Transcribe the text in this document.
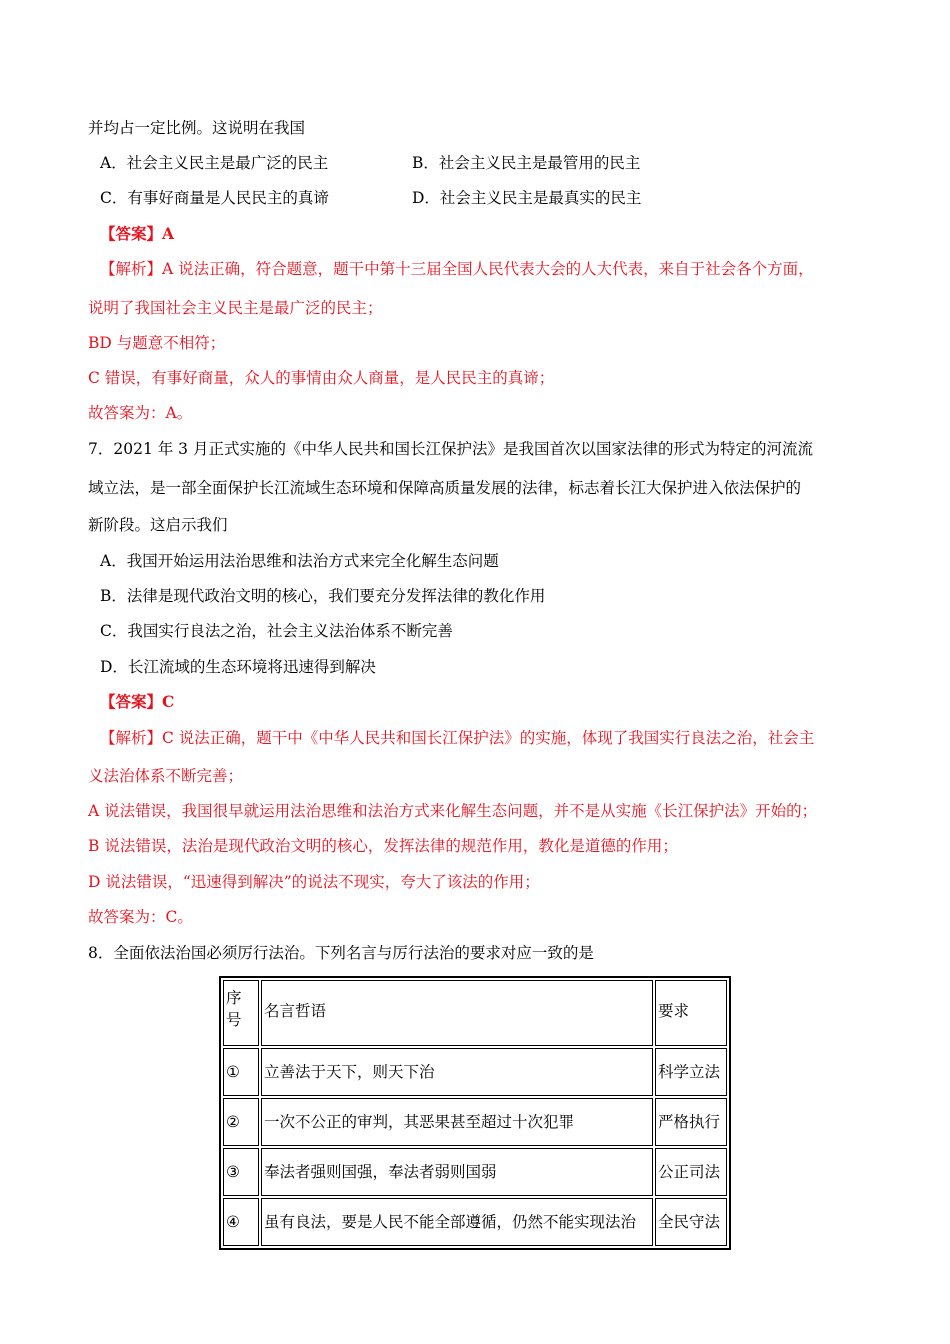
并均占一定比例。这说明在我国
A．社会主义民主是最广泛的民主	B．社会主义民主是最管用的民主
C．有事好商量是人民民主的真谛	D．社会主义民主是最真实的民主
【答案】A
【解析】A 说法正确，符合题意，题干中第十三届全国人民代表大会的人大代表，来自于社会各个方面，
说明了我国社会主义民主是最广泛的民主；
BD 与题意不相符；
C 错误，有事好商量，众人的事情由众人商量，是人民民主的真谛；
故答案为：A。
7．2021 年 3 月正式实施的《中华人民共和国长江保护法》是我国首次以国家法律的形式为特定的河流流
域立法，是一部全面保护长江流域生态环境和保障高质量发展的法律，标志着长江大保护进入依法保护的
新阶段。这启示我们
A．我国开始运用法治思维和法治方式来完全化解生态问题
B．法律是现代政治文明的核心，我们要充分发挥法律的教化作用
C．我国实行良法之治，社会主义法治体系不断完善
D．长江流域的生态环境将迅速得到解决
【答案】C
【解析】C 说法正确，题干中《中华人民共和国长江保护法》的实施，体现了我国实行良法之治，社会主
义法治体系不断完善；
A 说法错误，我国很早就运用法治思维和法治方式来化解生态问题，并不是从实施《长江保护法》开始的；
B 说法错误，法治是现代政治文明的核心，发挥法律的规范作用，教化是道德的作用；
D 说法错误，“迅速得到解决”的说法不现实，夸大了该法的作用；
故答案为：C。
8．全面依法治国必须厉行法治。下列名言与厉行法治的要求对应一致的是
序号	名言哲语	要求
①	立善法于天下，则天下治	科学立法
②	一次不公正的审判，其恶果甚至超过十次犯罪	严格执行
③	奉法者强则国强，奉法者弱则国弱	公正司法
④	虽有良法，要是人民不能全部遵循，仍然不能实现法治	全民守法
